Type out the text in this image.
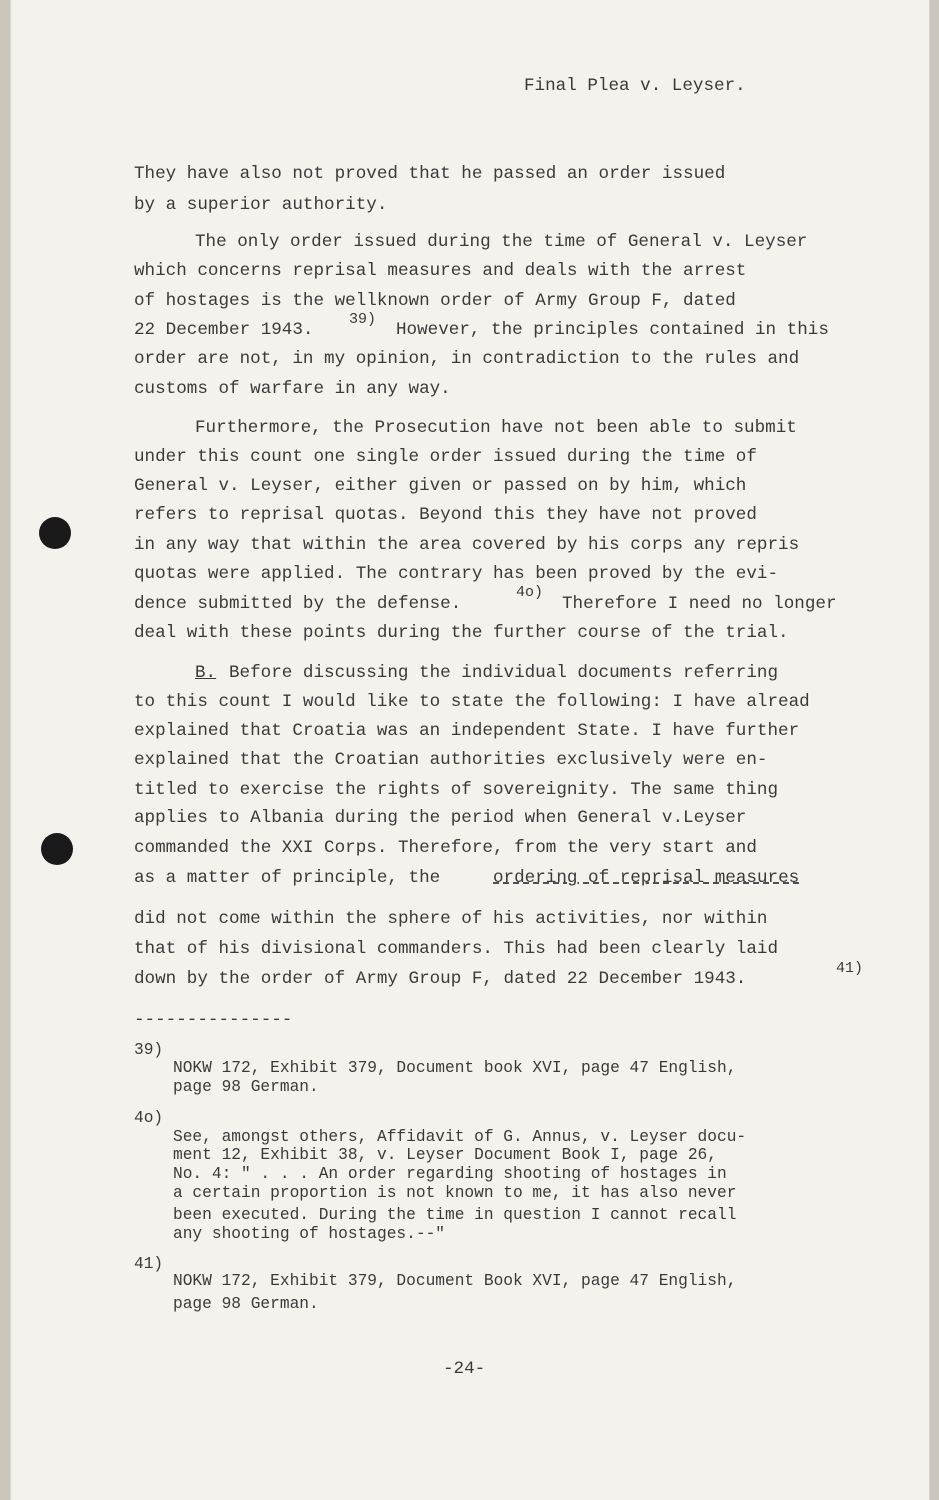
Final Plea v. Leyser.
They have also not proved that he passed an order issued
by a superior authority.
The only order issued during the time of General v. Leyser
which concerns reprisal measures and deals with the arrest
of hostages is the wellknown order of Army Group F, dated
22 December 1943.
39)
However, the principles contained in this
order are not, in my opinion, in contradiction to the rules and
customs of warfare in any way.
Furthermore, the Prosecution have not been able to submit
under this count one single order issued during the time of
General v. Leyser, either given or passed on by him, which
refers to reprisal quotas. Beyond this they have not proved
in any way that within the area covered by his corps any repris
quotas were applied. The contrary has been proved by the evi-
dence submitted by the defense.
4o)
Therefore I need no longer
deal with these points during the further course of the trial.
B. Before discussing the individual documents referring
to this count I would like to state the following: I have alread
explained that Croatia was an independent State. I have further
explained that the Croatian authorities exclusively were en-
titled to exercise the rights of sovereignity. The same thing
applies to Albania during the period when General v.Leyser
commanded the XXI Corps. Therefore, from the very start and
as a matter of principle, the	ordering of reprisal measures
did not come within the sphere of his activities, nor within
that of his divisional commanders. This had been clearly laid
down by the order of Army Group F, dated 22 December 1943.
41)
---------------
39)
NOKW 172, Exhibit 379, Document book XVI, page 47 English,
page 98 German.
4o)
See, amongst others, Affidavit of G. Annus, v. Leyser docu-
ment 12, Exhibit 38, v. Leyser Document Book I, page 26,
No. 4: " . . . An order regarding shooting of hostages in
a certain proportion is not known to me, it has also never
been executed. During the time in question I cannot recall
any shooting of hostages.--"
41)
NOKW 172, Exhibit 379, Document Book XVI, page 47 English,
page 98 German.
-24-
